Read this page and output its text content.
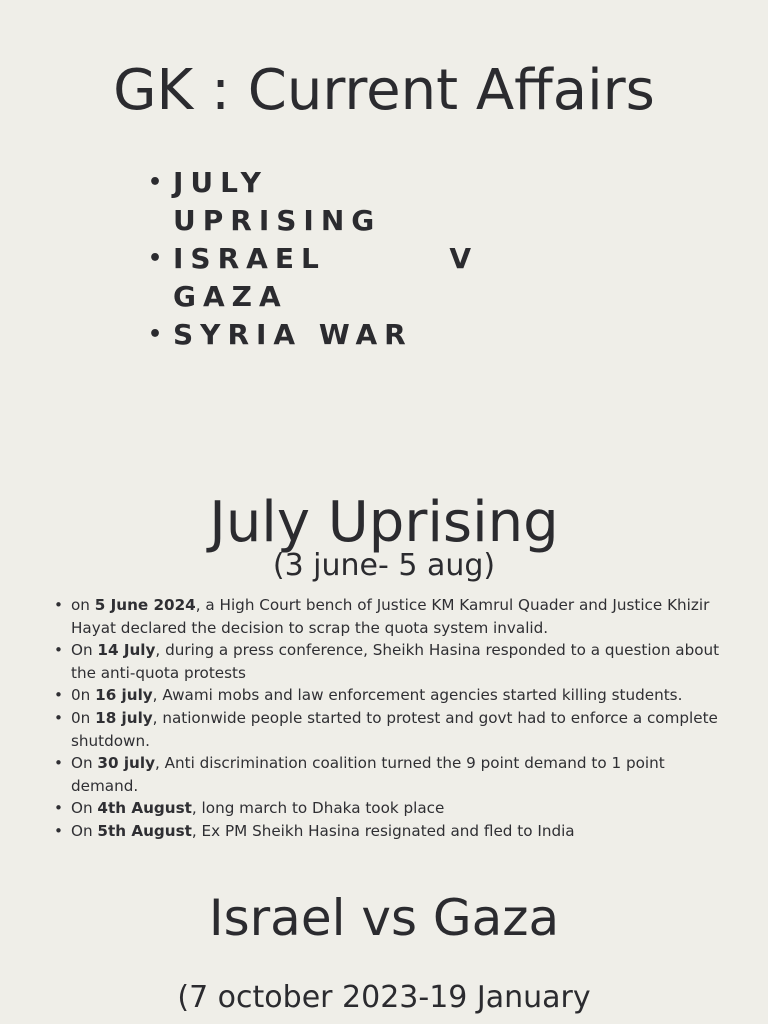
GK : Current Affairs
• JULY UPRISING
• ISRAEL V GAZA
• SYRIA WAR
July Uprising
(3 june- 5 aug)
• on 5 June 2024, a High Court bench of Justice KM Kamrul Quader and Justice Khizir Hayat declared the decision to scrap the quota system invalid.
• On 14 July, during a press conference, Sheikh Hasina responded to a question about the anti-quota protests
• 0n 16 july, Awami mobs and law enforcement agencies started killing students.
• 0n 18 july, nationwide people started to protest and govt had to enforce a complete shutdown.
• On 30 july, Anti discrimination coalition turned the 9 point demand to 1 point demand.
• On 4th August, long march to Dhaka took place
• On 5th August, Ex PM Sheikh Hasina resignated and fled to India
Israel vs Gaza
(7 october 2023-19 January
